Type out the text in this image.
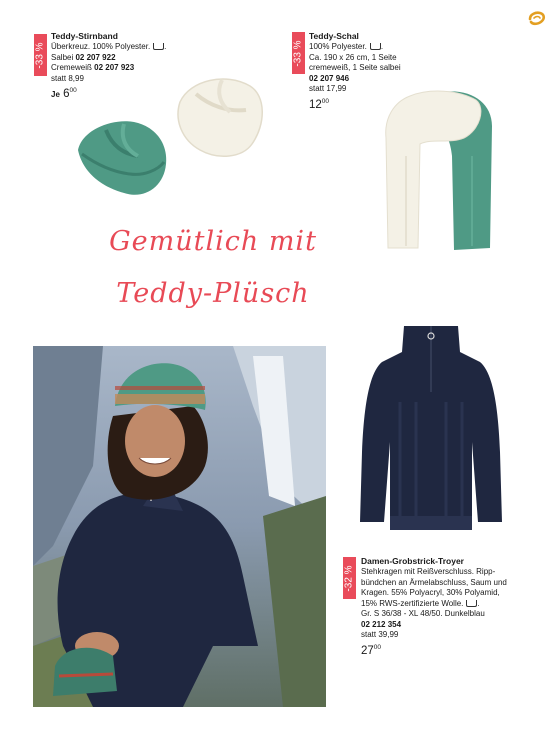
-33 %
Teddy-Stirnband
Überkreuz. 100% Polyester. .
Salbei 02 207 922
Cremeweiß 02 207 923
statt 8,99
Je $6^{00}$
-33 %
Teddy-Schal
100% Polyester. .
Ca. 190 x 26 cm, 1 Seite
cremeweiß, 1 Seite salbei
02 207 946
statt 17,99
$12^{00}$
Gemütlich mit
Teddy-Plüsch
-32 %
Damen-Grobstrick-Troyer
Stehkragen mit Reißverschluss. Ripp-
bündchen an Ärmelabschluss, Saum und
Kragen. 55% Polyacryl, 30% Polyamid,
15% RWS-zertifizierte Wolle. .
Gr. S 36/38 - XL 48/50. Dunkelblau
02 212 354
statt 39,99
$27^{00}$
